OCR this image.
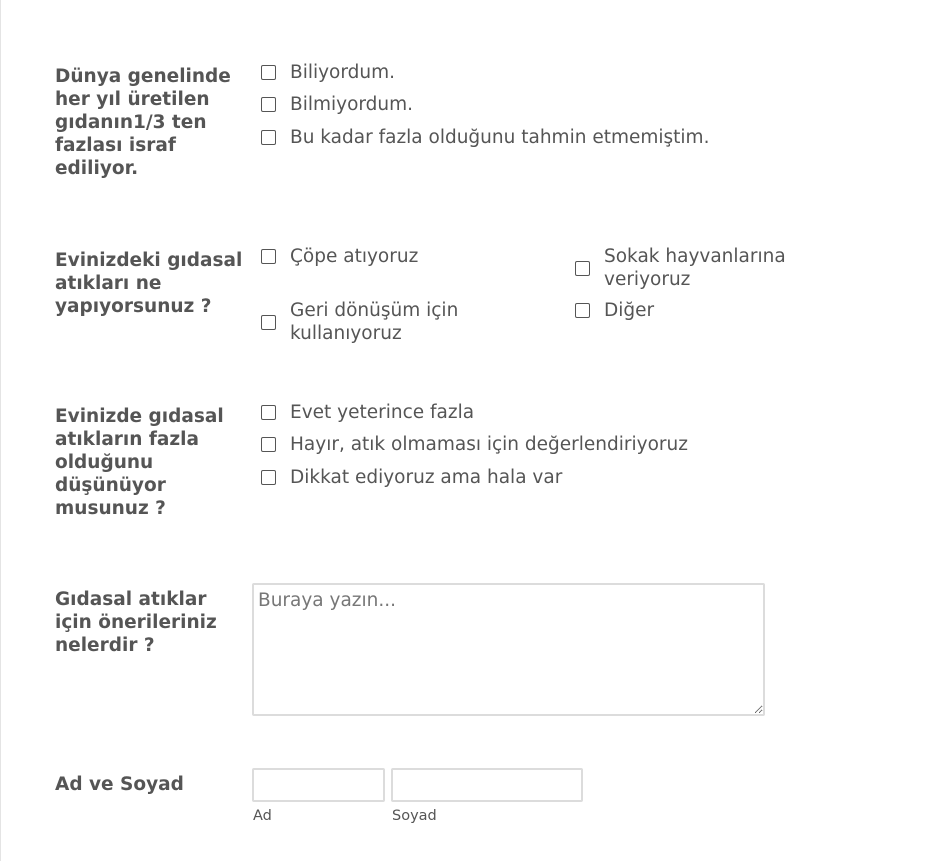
Dünya genelinde
her yıl üretilen
gıdanın1/3 ten
fazlası israf
ediliyor.
Biliyordum.
Bilmiyordum.
Bu kadar fazla olduğunu tahmin etmemiştim.
Evinizdeki gıdasal
atıkları ne
yapıyorsunuz ?
Çöpe atıyoruz	Sokak hayvanlarına
veriyoruz
Geri dönüşüm için
kullanıyoruz
Diğer
Evinizde gıdasal
atıkların fazla
olduğunu
düşünüyor
musunuz ?
Evet yeterince fazla
Hayır, atık olmaması için değerlendiriyoruz
Dikkat ediyoruz ama hala var
Gıdasal atıklar
için önerileriniz
nelerdir ?
Buraya yazın...
Ad ve Soyad
Ad	Soyad
